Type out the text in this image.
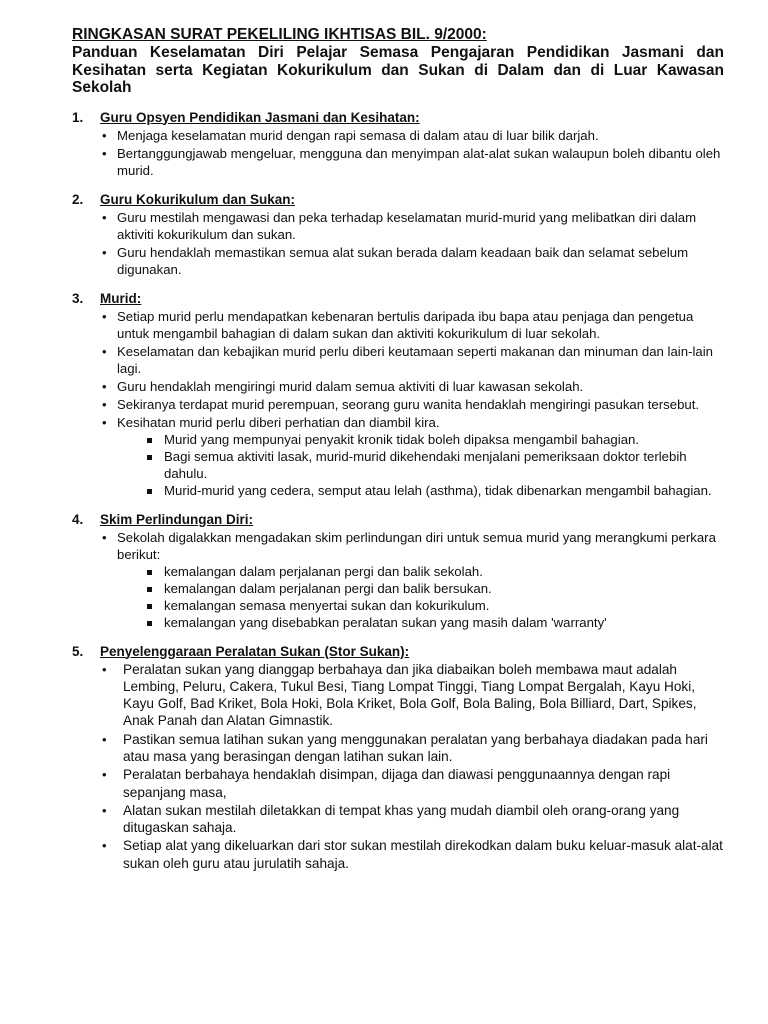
RINGKASAN SURAT PEKELILING IKHTISAS BIL. 9/2000:

Panduan Keselamatan Diri Pelajar Semasa Pengajaran Pendidikan Jasmani dan Kesihatan serta Kegiatan Kokurikulum dan Sukan di Dalam dan di Luar Kawasan Sekolah

1.	Guru Opsyen Pendidikan Jasmani dan Kesihatan:
• Menjaga keselamatan murid dengan rapi semasa di dalam atau di luar bilik darjah.
• Bertanggungjawab mengeluar, mengguna dan menyimpan alat-alat sukan walaupun boleh dibantu oleh murid.
2.	Guru Kokurikulum dan Sukan:
• Guru mestilah mengawasi dan peka terhadap keselamatan murid-murid yang melibatkan diri dalam aktiviti kokurikulum dan sukan.
• Guru hendaklah memastikan semua alat sukan berada dalam keadaan baik dan selamat sebelum digunakan.
3.	Murid:
• Setiap murid perlu mendapatkan kebenaran bertulis daripada ibu bapa atau penjaga dan pengetua untuk mengambil bahagian di dalam sukan dan aktiviti kokurikulum di luar sekolah.
• Keselamatan dan kebajikan murid perlu diberi keutamaan seperti makanan dan minuman dan lain-lain lagi.
• Guru hendaklah mengiringi murid dalam semua aktiviti di luar kawasan sekolah.
• Sekiranya terdapat murid perempuan, seorang guru wanita hendaklah mengiringi pasukan tersebut.
• Kesihatan murid perlu diberi perhatian dan diambil kira.
Murid yang mempunyai penyakit kronik tidak boleh dipaksa mengambil bahagian.
Bagi semua aktiviti lasak, murid-murid dikehendaki menjalani pemeriksaan doktor terlebih dahulu.
Murid-murid yang cedera, semput atau lelah (asthma), tidak dibenarkan mengambil bahagian.
4.	Skim Perlindungan Diri:
• Sekolah digalakkan mengadakan skim perlindungan diri untuk semua murid yang merangkumi perkara berikut:
kemalangan dalam perjalanan pergi dan balik sekolah.
kemalangan dalam perjalanan pergi dan balik bersukan.
kemalangan semasa menyertai sukan dan kokurikulum.
kemalangan yang disebabkan peralatan sukan yang masih dalam 'warranty'
5.	Penyelenggaraan Peralatan Sukan (Stor Sukan):
• Peralatan sukan yang dianggap berbahaya dan jika diabaikan boleh membawa maut adalah Lembing, Peluru, Cakera, Tukul Besi, Tiang Lompat Tinggi, Tiang Lompat Bergalah, Kayu Hoki, Kayu Golf, Bad Kriket, Bola Hoki, Bola Kriket, Bola Golf, Bola Baling, Bola Billiard, Dart, Spikes, Anak Panah dan Alatan Gimnastik.
• Pastikan semua latihan sukan yang menggunakan peralatan yang berbahaya diadakan pada hari atau masa yang berasingan dengan latihan sukan lain.
• Peralatan berbahaya hendaklah disimpan, dijaga dan diawasi penggunaannya dengan rapi sepanjang masa,
• Alatan sukan mestilah diletakkan di tempat khas yang mudah diambil oleh orang-orang yang ditugaskan sahaja.
• Setiap alat yang dikeluarkan dari stor sukan mestilah direkodkan dalam buku keluar-masuk alat-alat sukan oleh guru atau jurulatih sahaja.
